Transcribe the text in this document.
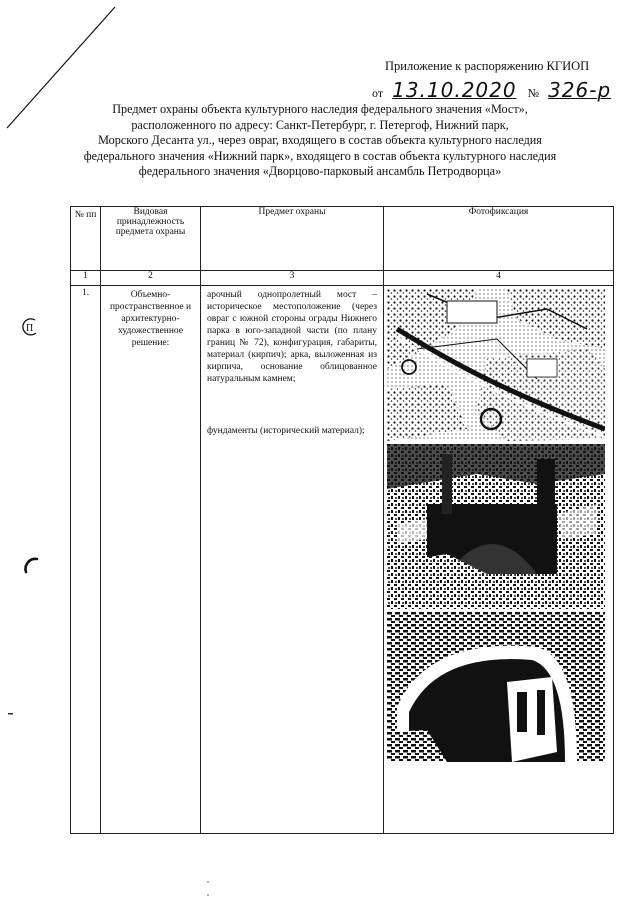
Приложение к распоряжению КГИОП
от 13.10.2020 № 326-р
Предмет охраны объекта культурного наследия федерального значения «Мост»,
расположенного по адресу: Санкт-Петербург, г. Петергоф, Нижний парк,
Морского Десанта ул., через овраг, входящего в состав объекта культурного наследия
федерального значения «Нижний парк», входящего в состав объекта культурного наследия
федерального значения «Дворцово-парковый ансамбль Петродворца»
П
№ пп	Видовая принадлежность предмета охраны	Предмет охраны	Фотофиксация
1	2	3	4
1.	Объемно-пространственное и архитектурно-художественное решение:	арочный однопролетный мост – историческое местоположение (через овраг с южной стороны ограды Нижнего парка в юго-западной части (по плану границ № 72), конфигурация, габариты, материал (кирпич); арка, выложенная из кирпича, основание облицованное натуральным камнем;

фундаменты (исторический материал);
